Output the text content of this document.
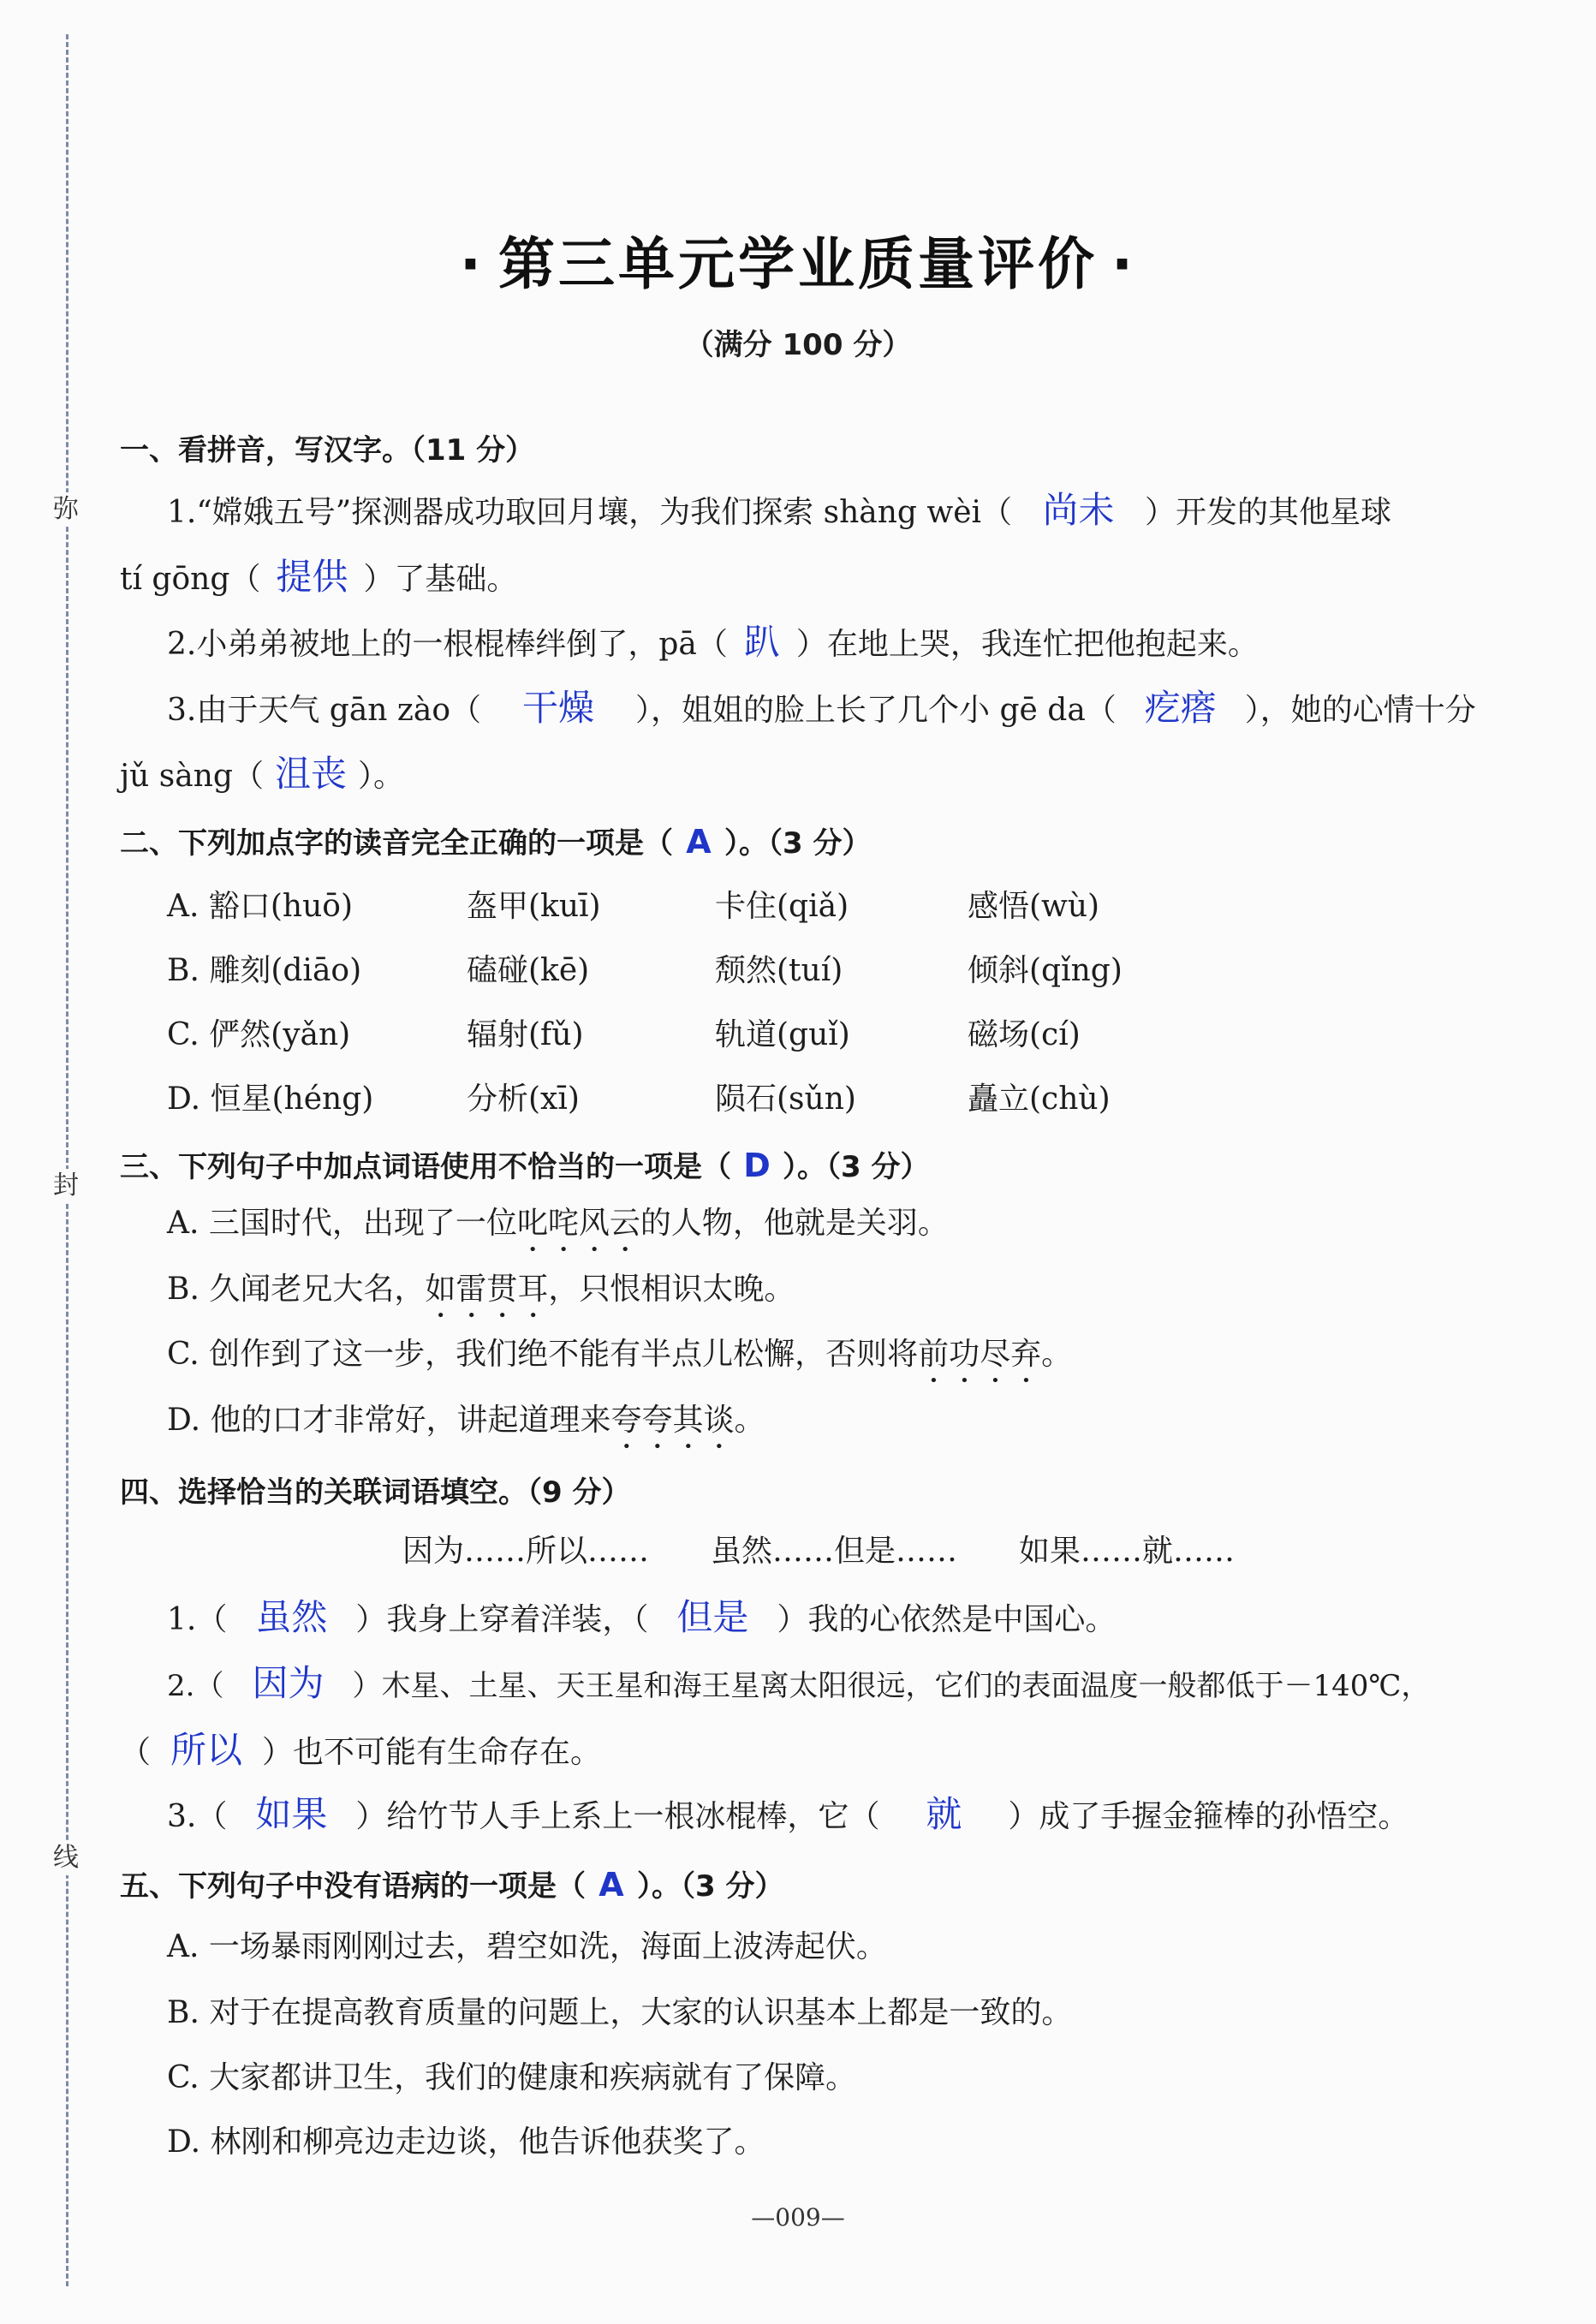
弥
封
线
· 第三单元学业质量评价 ·
（满分 100 分）
一、看拼音，写汉字。（11 分）
1.“嫦娥五号”探测器成功取回月壤，为我们探索 shàng wèi（ 尚未 ）开发的其他星球
tí gōng（ 提供 ）了基础。
2.小弟弟被地上的一根棍棒绊倒了，pā（ 趴 ）在地上哭，我连忙把他抱起来。
3.由于天气 gān zào（ 干燥 ），姐姐的脸上长了几个小 gē da（ 疙瘩 ），她的心情十分
jǔ sàng（ 沮丧 ）。
二、下列加点字的读音完全正确的一项是（ A ）。（3 分）
A. 豁口(huō)	盔甲(kuī)	卡住(qiǎ)	感悟(wù)
B. 雕刻(diāo)	磕碰(kē)	颓然(tuí)	倾斜(qǐng)
C. 俨然(yǎn)	辐射(fǔ)	轨道(guǐ)	磁场(cí)
D. 恒星(héng)	分析(xī)	陨石(sǔn)	矗立(chù)
三、下列句子中加点词语使用不恰当的一项是（ D ）。（3 分）
A. 三国时代，出现了一位叱咤风云的人物，他就是关羽。
B. 久闻老兄大名，如雷贯耳，只恨相识太晚。
C. 创作到了这一步，我们绝不能有半点儿松懈，否则将前功尽弃。
D. 他的口才非常好，讲起道理来夸夸其谈。
四、选择恰当的关联词语填空。（9 分）
因为……所以……　　虽然……但是……　　如果……就……
1.（ 虽然 ）我身上穿着洋装，（ 但是 ）我的心依然是中国心。
2.（ 因为 ）木星、土星、天王星和海王星离太阳很远，它们的表面温度一般都低于－140℃，
（ 所以 ）也不可能有生命存在。
3.（ 如果 ）给竹节人手上系上一根冰棍棒，它（ 就 ）成了手握金箍棒的孙悟空。
五、下列句子中没有语病的一项是（ A ）。（3 分）
A. 一场暴雨刚刚过去，碧空如洗，海面上波涛起伏。
B. 对于在提高教育质量的问题上，大家的认识基本上都是一致的。
C. 大家都讲卫生，我们的健康和疾病就有了保障。
D. 林刚和柳亮边走边谈，他告诉他获奖了。
—009—
